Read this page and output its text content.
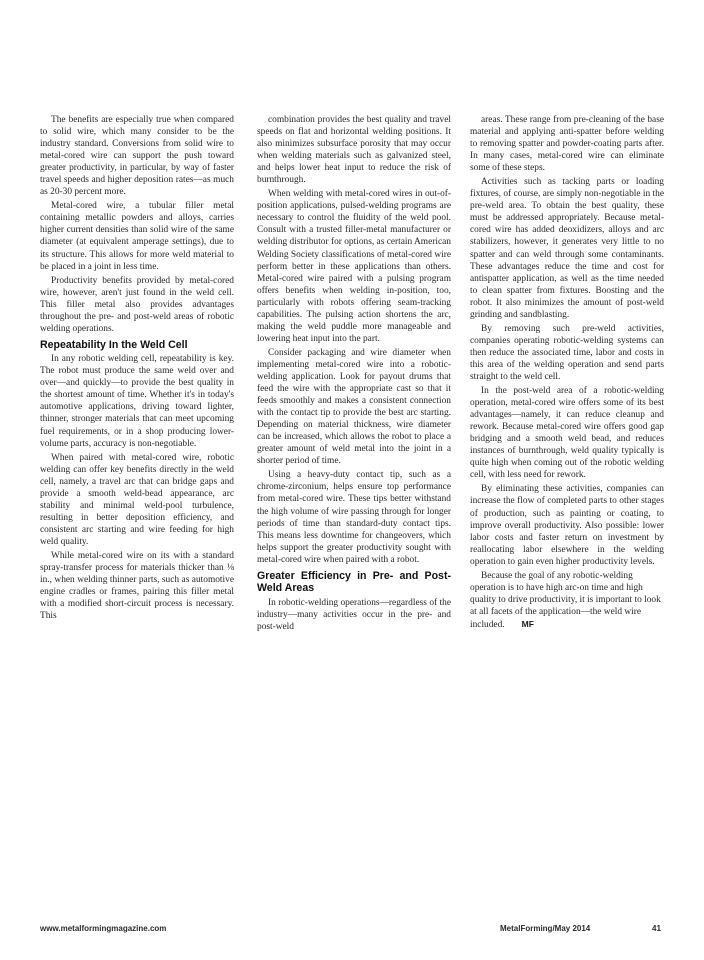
The benefits are especially true when compared to solid wire, which many consider to be the industry standard. Conversions from solid wire to metal-cored wire can support the push toward greater productivity, in particular, by way of faster travel speeds and higher deposition rates—as much as 20-30 percent more.

Metal-cored wire, a tubular filler metal containing metallic powders and alloys, carries higher current densities than solid wire of the same diameter (at equivalent amperage settings), due to its structure. This allows for more weld material to be placed in a joint in less time.

Productivity benefits provided by metal-cored wire, however, aren't just found in the weld cell. This filler metal also provides advantages throughout the pre- and post-weld areas of robotic welding operations.

Repeatability In the Weld Cell

In any robotic welding cell, repeatability is key. The robot must produce the same weld over and over—and quickly—to provide the best quality in the shortest amount of time. Whether it's in today's automotive applications, driving toward lighter, thinner, stronger materials that can meet upcoming fuel requirements, or in a shop producing lower-volume parts, accuracy is non-negotiable.

When paired with metal-cored wire, robotic welding can offer key benefits directly in the weld cell, namely, a travel arc that can bridge gaps and provide a smooth weld-bead appearance, arc stability and minimal weld-pool turbulence, resulting in better deposition efficiency, and consistent arc starting and wire feeding for high weld quality.

While metal-cored wire on its with a standard spray-transfer process for materials thicker than ⅛ in., when welding thinner parts, such as automotive engine cradles or frames, pairing this filler metal with a modified short-circuit process is necessary. This

combination provides the best quality and travel speeds on flat and horizontal welding positions. It also minimizes subsurface porosity that may occur when welding materials such as galvanized steel, and helps lower heat input to reduce the risk of burnthrough.

When welding with metal-cored wires in out-of-position applications, pulsed-welding programs are necessary to control the fluidity of the weld pool. Consult with a trusted filler-metal manufacturer or welding distributor for options, as certain American Welding Society classifications of metal-cored wire perform better in these applications than others. Metal-cored wire paired with a pulsing program offers benefits when welding in-position, too, particularly with robots offering seam-tracking capabilities. The pulsing action shortens the arc, making the weld puddle more manageable and lowering heat input into the part.

Consider packaging and wire diameter when implementing metal-cored wire into a robotic-welding application. Look for payout drums that feed the wire with the appropriate cast so that it feeds smoothly and makes a consistent connection with the contact tip to provide the best arc starting. Depending on material thickness, wire diameter can be increased, which allows the robot to place a greater amount of weld metal into the joint in a shorter period of time.

Using a heavy-duty contact tip, such as a chrome-zirconium, helps ensure top performance from metal-cored wire. These tips better withstand the high volume of wire passing through for longer periods of time than standard-duty contact tips. This means less downtime for changeovers, which helps support the greater productivity sought with metal-cored wire when paired with a robot.

Greater Efficiency in Pre- and Post-Weld Areas

In robotic-welding operations—regardless of the industry—many activities occur in the pre- and post-weld

areas. These range from pre-cleaning of the base material and applying anti-spatter before welding to removing spatter and powder-coating parts after. In many cases, metal-cored wire can eliminate some of these steps.

Activities such as tacking parts or loading fixtures, of course, are simply non-negotiable in the pre-weld area. To obtain the best quality, these must be addressed appropriately. Because metal-cored wire has added deoxidizers, alloys and arc stabilizers, however, it generates very little to no spatter and can weld through some contaminants. These advantages reduce the time and cost for antispatter application, as well as the time needed to clean spatter from fixtures. Boosting and the robot. It also minimizes the amount of post-weld grinding and sandblasting.

By removing such pre-weld activities, companies operating robotic-welding systems can then reduce the associated time, labor and costs in this area of the welding operation and send parts straight to the weld cell.

In the post-weld area of a robotic-welding operation, metal-cored wire offers some of its best advantages—namely, it can reduce cleanup and rework. Because metal-cored wire offers good gap bridging and a smooth weld bead, and reduces instances of burnthrough, weld quality typically is quite high when coming out of the robotic welding cell, with less need for rework.

By eliminating these activities, companies can increase the flow of completed parts to other stages of production, such as painting or coating, to improve overall productivity. Also possible: lower labor costs and faster return on investment by reallocating labor elsewhere in the welding operation to gain even higher productivity levels.

Because the goal of any robotic-welding operation is to have high arc-on time and high quality to drive productivity, it is important to look at all facets of the application—the weld wire included. MF

www.metalformingmagazine.com	MetalForming/May 2014	41
